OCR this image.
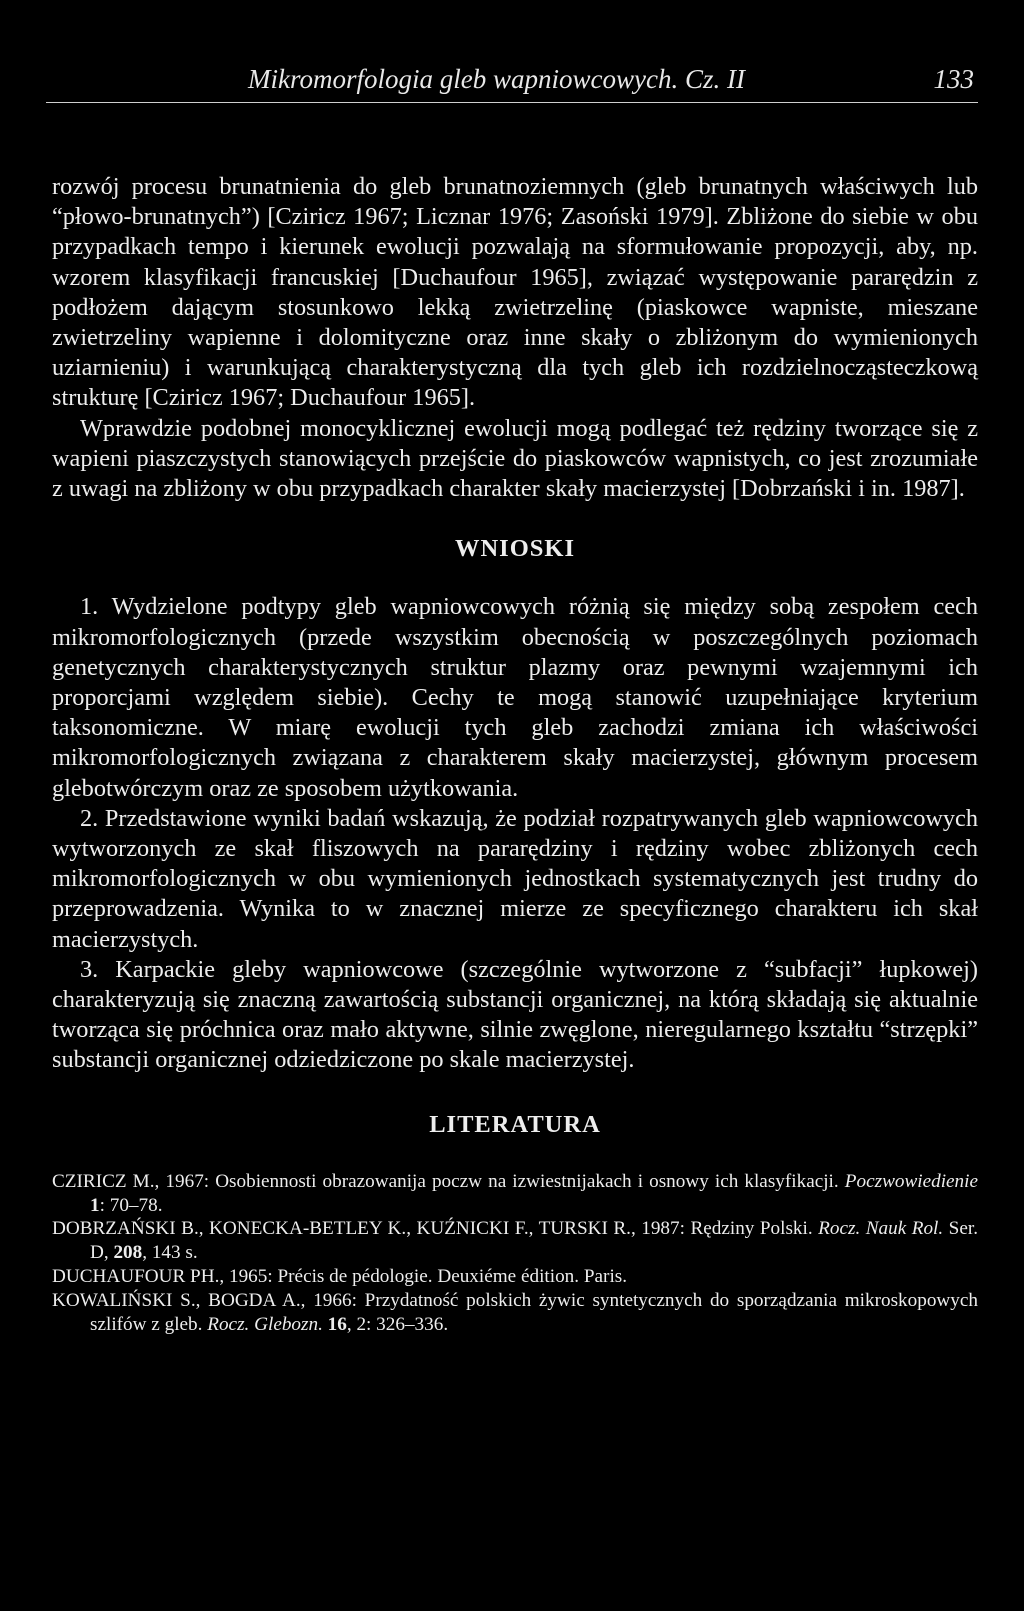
Mikromorfologia gleb wapniowcowych. Cz. II	133

rozwój procesu brunatnienia do gleb brunatnoziemnych (gleb brunatnych właściwych lub “płowo-brunatnych”) [Cziricz 1967; Licznar 1976; Zasoński 1979]. Zbliżone do siebie w obu przypadkach tempo i kierunek ewolucji pozwalają na sformułowanie propozycji, aby, np. wzorem klasyfikacji francuskiej [Duchaufour 1965], związać występowanie pararędzin z podłożem dającym stosunkowo lekką zwietrzelinę (piaskowce wapniste, mieszane zwietrzeliny wapienne i dolomityczne oraz inne skały o zbliżonym do wymienionych uziarnieniu) i warunkującą charakterystyczną dla tych gleb ich rozdzielnocząsteczkową strukturę [Cziricz 1967; Duchaufour 1965].

Wprawdzie podobnej monocyklicznej ewolucji mogą podlegać też rędziny tworzące się z wapieni piaszczystych stanowiących przejście do piaskowców wapnistych, co jest zrozumiałe z uwagi na zbliżony w obu przypadkach charakter skały macierzystej [Dobrzański i in. 1987].

WNIOSKI

1. Wydzielone podtypy gleb wapniowcowych różnią się między sobą zespołem cech mikromorfologicznych (przede wszystkim obecnością w poszczególnych poziomach genetycznych charakterystycznych struktur plazmy oraz pewnymi wzajemnymi ich proporcjami względem siebie). Cechy te mogą stanowić uzupełniające kryterium taksonomiczne. W miarę ewolucji tych gleb zachodzi zmiana ich właściwości mikromorfologicznych związana z charakterem skały macierzystej, głównym procesem glebotwórczym oraz ze sposobem użytkowania.

2. Przedstawione wyniki badań wskazują, że podział rozpatrywanych gleb wapniowcowych wytworzonych ze skał fliszowych na pararędziny i rędziny wobec zbliżonych cech mikromorfologicznych w obu wymienionych jednostkach systematycznych jest trudny do przeprowadzenia. Wynika to w znacznej mierze ze specyficznego charakteru ich skał macierzystych.

3. Karpackie gleby wapniowcowe (szczególnie wytworzone z “subfacji” łupkowej) charakteryzują się znaczną zawartością substancji organicznej, na którą składają się aktualnie tworząca się próchnica oraz mało aktywne, silnie zwęglone, nieregularnego kształtu “strzępki” substancji organicznej odziedziczone po skale macierzystej.

LITERATURA

CZIRICZ M., 1967: Osobiennosti obrazowanija poczw na izwiestnijakach i osnowy ich klasyfikacji. Poczwowiedienie 1: 70–78.

DOBRZAŃSKI B., KONECKA-BETLEY K., KUŹNICKI F., TURSKI R., 1987: Rędziny Polski. Rocz. Nauk Rol. Ser. D, 208, 143 s.

DUCHAUFOUR PH., 1965: Précis de pédologie. Deuxiéme édition. Paris.

KOWALIŃSKI S., BOGDA A., 1966: Przydatność polskich żywic syntetycznych do sporządzania mikroskopowych szlifów z gleb. Rocz. Glebozn. 16, 2: 326–336.
